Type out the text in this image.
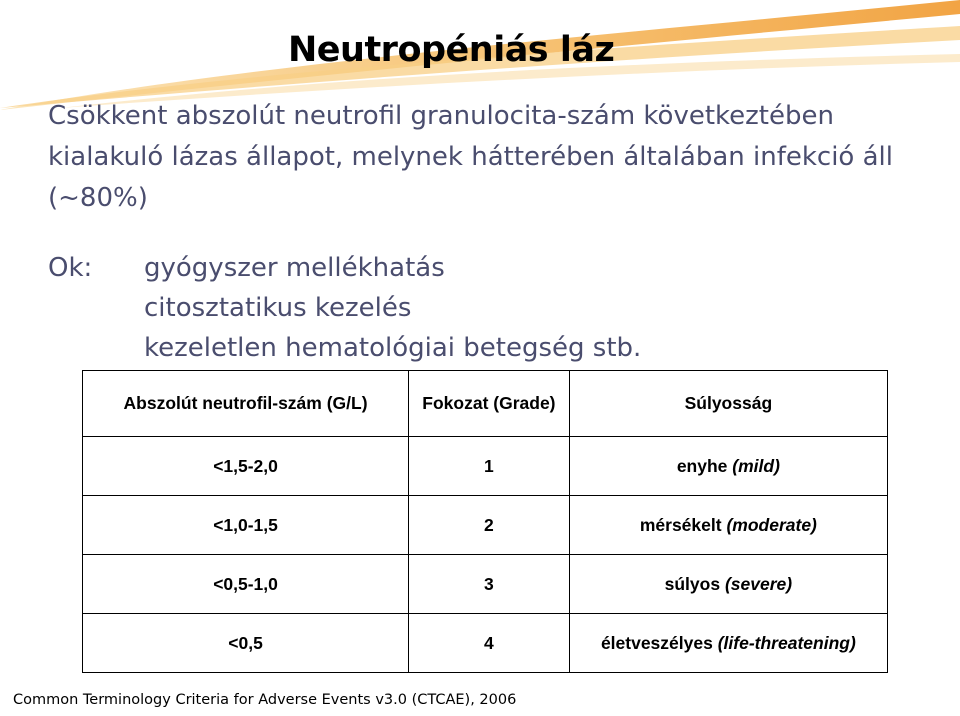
Neutropéniás láz
Csökkent abszolút neutrofil granulocita-szám következtében kialakuló lázas állapot, melynek hátterében általában infekció áll (~80%)
Ok: gyógyszer mellékhatás
citosztatikus kezelés
kezeletlen hematológiai betegség stb.
Abszolút neutrofil-szám (G/L)	Fokozat (Grade)	Súlyosság
<1,5-2,0	1	enyhe (mild)
<1,0-1,5	2	mérsékelt (moderate)
<0,5-1,0	3	súlyos (severe)
<0,5	4	életveszélyes (life-threatening)
Common Terminology Criteria for Adverse Events v3.0 (CTCAE), 2006
